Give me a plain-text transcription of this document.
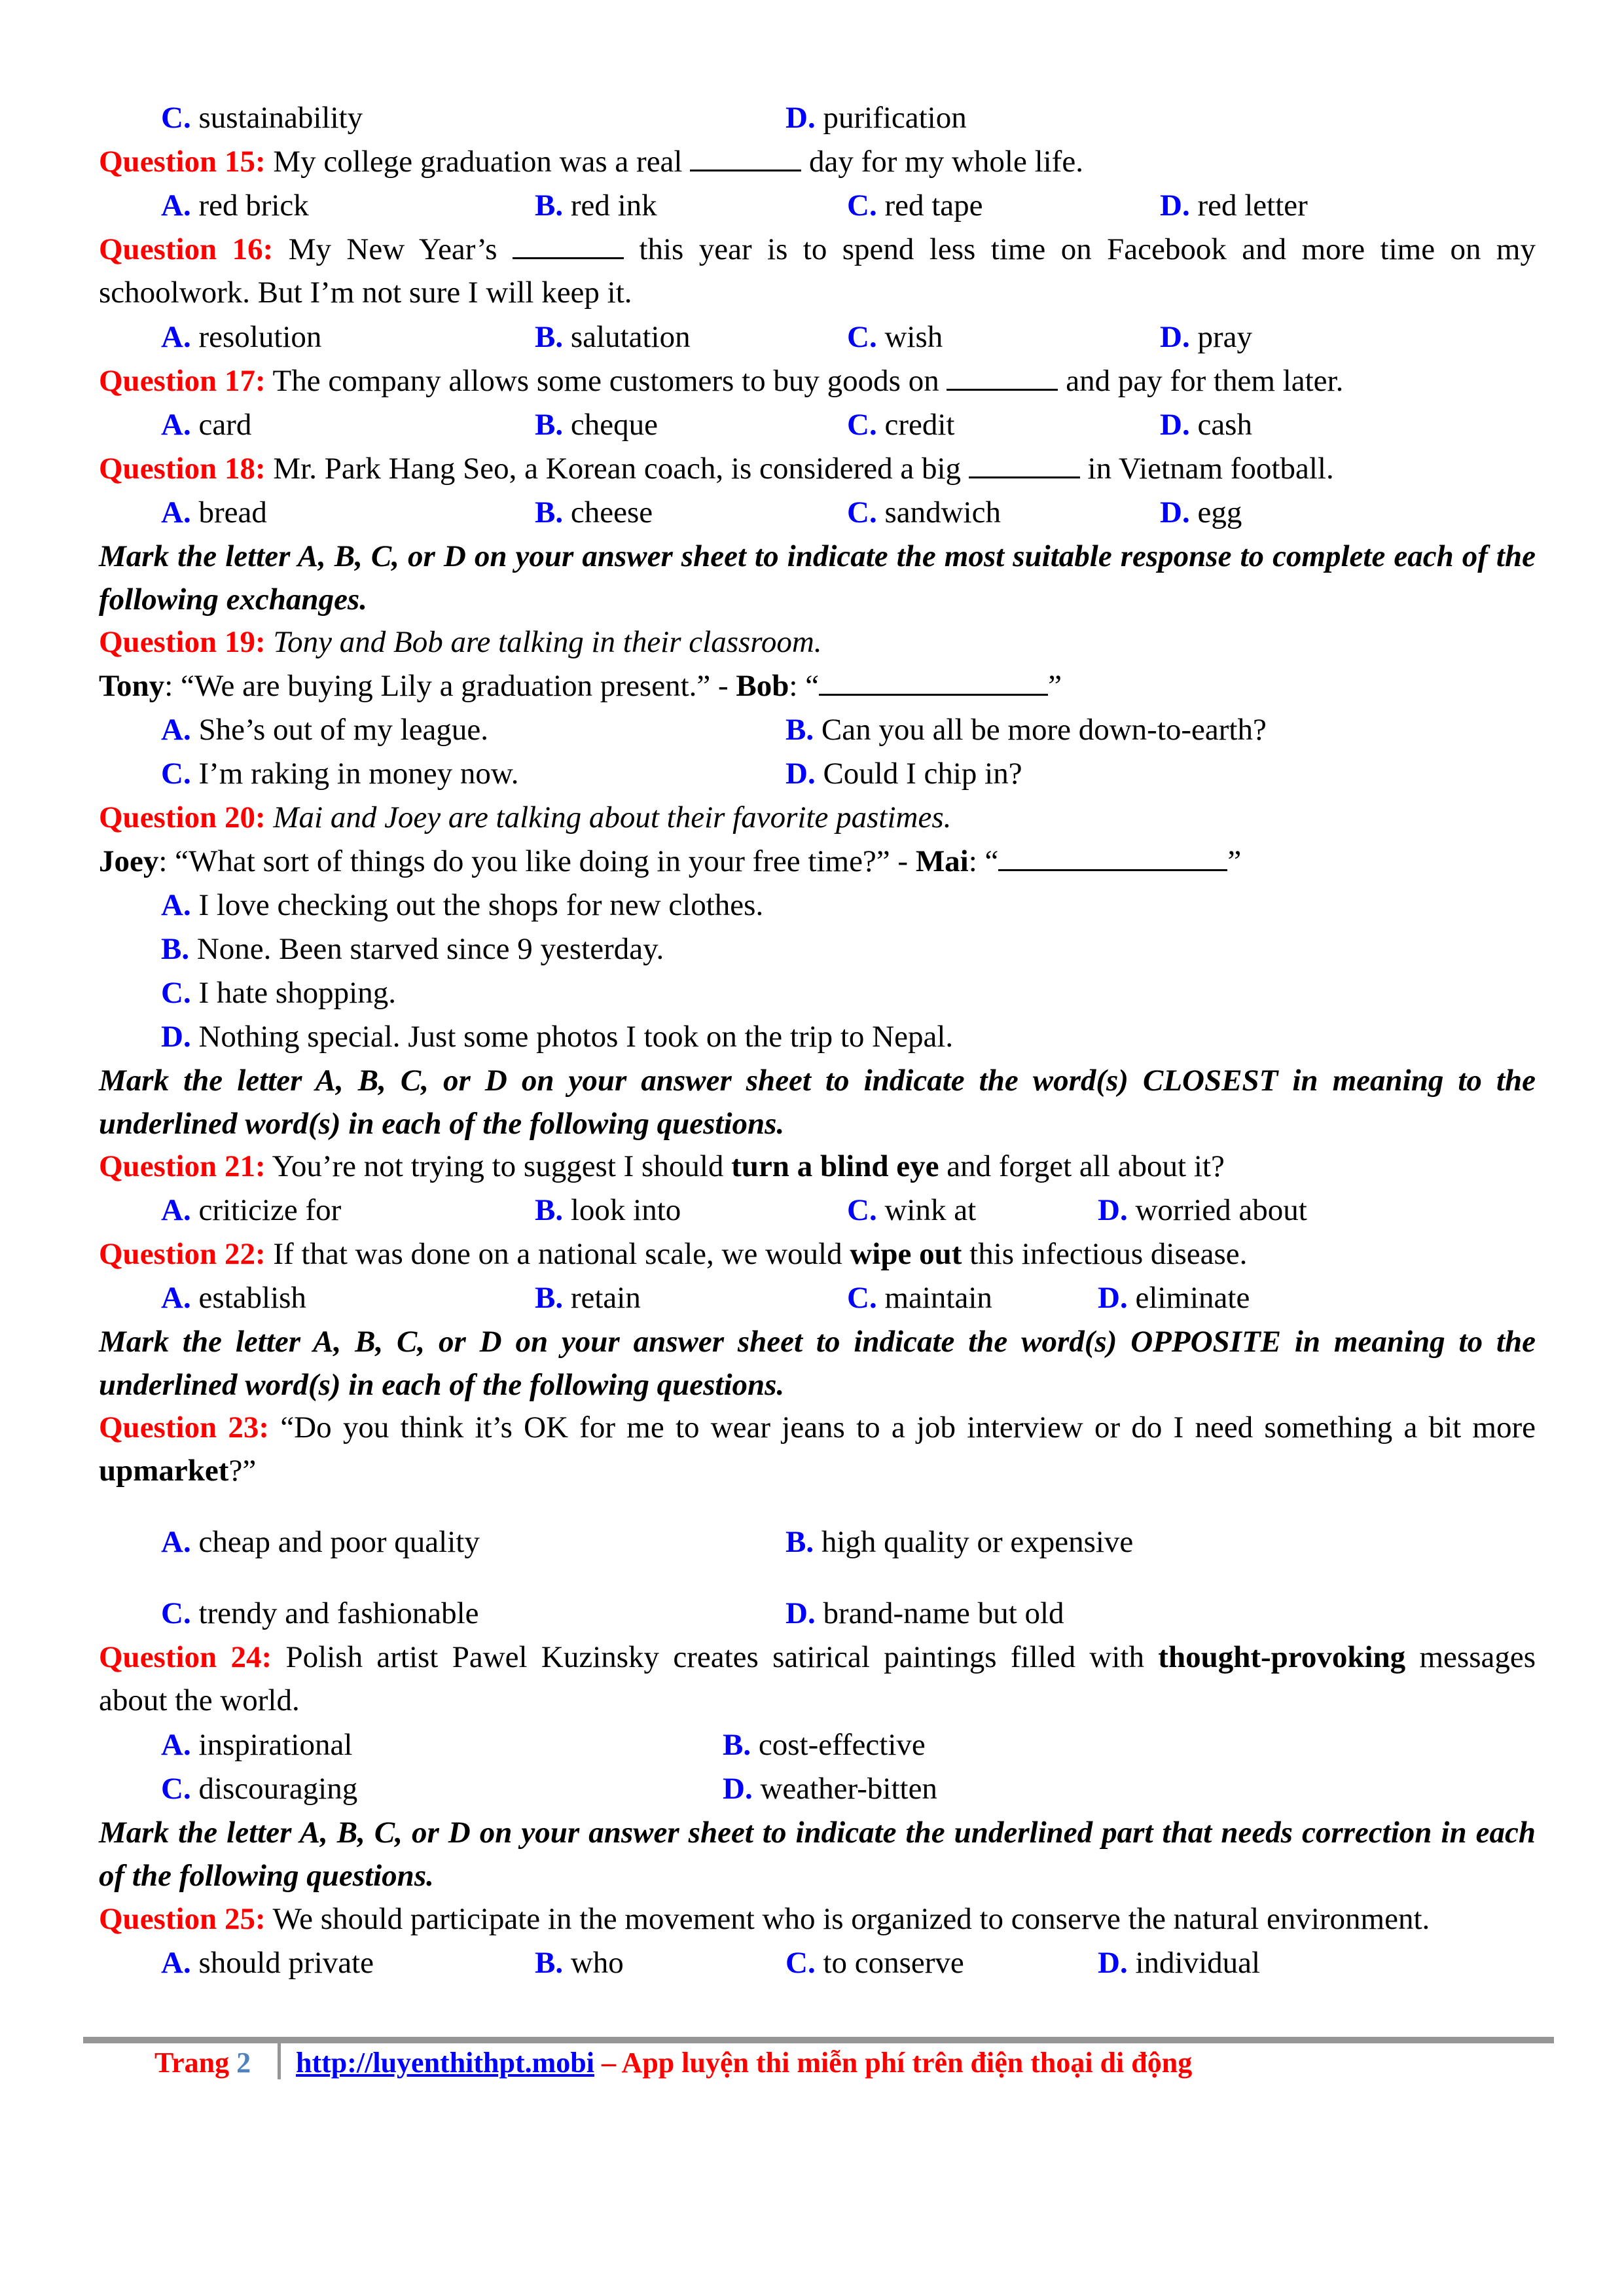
C. sustainability	D. purification
Question 15: My college graduation was a real	day for my whole life.
A. red brick	B. red ink	C. red tape	D. red letter
Question 16: My New Year’s	this year is to spend less time on Facebook and more time on my schoolwork. But I’m not sure I will keep it.
A. resolution	B. salutation	C. wish	D. pray
Question 17: The company allows some customers to buy goods on	and pay for them later.
A. card	B. cheque	C. credit	D. cash
Question 18: Mr. Park Hang Seo, a Korean coach, is considered a big	in Vietnam football.
A. bread	B. cheese	C. sandwich	D. egg
Mark the letter A, B, C, or D on your answer sheet to indicate the most suitable response to complete each of the following exchanges.
Question 19: Tony and Bob are talking in their classroom.
Tony: “We are buying Lily a graduation present.” - Bob: “	”
A. She’s out of my league.	B. Can you all be more down-to-earth?
C. I’m raking in money now.	D. Could I chip in?
Question 20: Mai and Joey are talking about their favorite pastimes.
Joey: “What sort of things do you like doing in your free time?” - Mai: “	”
A. I love checking out the shops for new clothes.
B. None. Been starved since 9 yesterday.
C. I hate shopping.
D. Nothing special. Just some photos I took on the trip to Nepal.
Mark the letter A, B, C, or D on your answer sheet to indicate the word(s) CLOSEST in meaning to the underlined word(s) in each of the following questions.
Question 21: You’re not trying to suggest I should turn a blind eye and forget all about it?
A. criticize for	B. look into	C. wink at	D. worried about
Question 22: If that was done on a national scale, we would wipe out this infectious disease.
A. establish	B. retain	C. maintain	D. eliminate
Mark the letter A, B, C, or D on your answer sheet to indicate the word(s) OPPOSITE in meaning to the underlined word(s) in each of the following questions.
Question 23: “Do you think it’s OK for me to wear jeans to a job interview or do I need something a bit more upmarket?”
A. cheap and poor quality	B. high quality or expensive
C. trendy and fashionable	D. brand-name but old
Question 24: Polish artist Pawel Kuzinsky creates satirical paintings filled with thought-provoking messages about the world.
A. inspirational	B. cost-effective
C. discouraging	D. weather-bitten
Mark the letter A, B, C, or D on your answer sheet to indicate the underlined part that needs correction in each of the following questions.
Question 25: We should participate in the movement who is organized to conserve the natural environment.
A. should private	B. who	C. to conserve	D. individual
Trang 2 http://luyenthithpt.mobi – App luyện thi miễn phí trên điện thoại di động
